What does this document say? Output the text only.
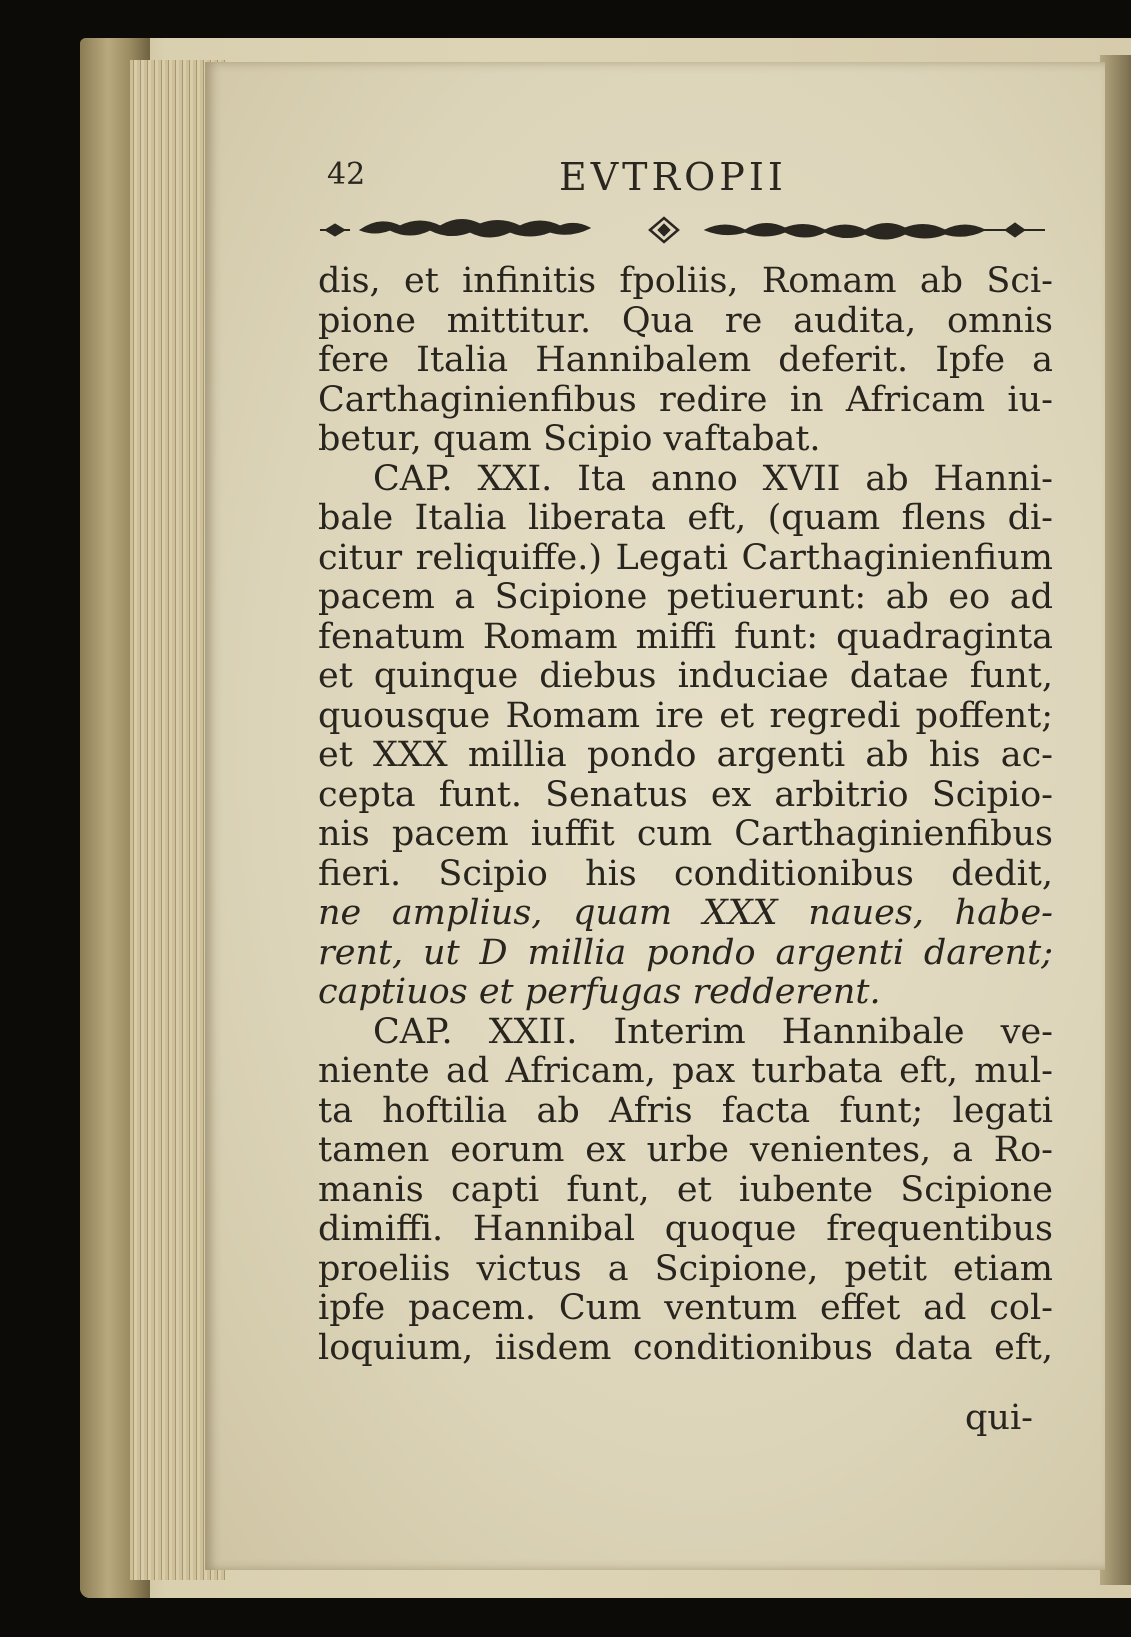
42	EVTROPII
dis, et infinitis fpoliis, Romam ab Sci-
pione mittitur. Qua re audita, omnis
fere Italia Hannibalem deferit. Ipfe a
Carthaginienfibus redire in Africam iu-
betur, quam Scipio vaftabat.
CAP. XXI. Ita anno XVII ab Hanni-
bale Italia liberata eft, (quam flens di-
citur reliquiffe.) Legati Carthaginienfium
pacem a Scipione petiuerunt: ab eo ad
fenatum Romam miffi funt: quadraginta
et quinque diebus induciae datae funt,
quousque Romam ire et regredi poffent;
et XXX millia pondo argenti ab his ac-
cepta funt. Senatus ex arbitrio Scipio-
nis pacem iuffit cum Carthaginienfibus
fieri. Scipio his conditionibus dedit,
ne amplius, quam XXX naues, habe-
rent, ut D millia pondo argenti darent;
captiuos et perfugas redderent.
CAP. XXII. Interim Hannibale ve-
niente ad Africam, pax turbata eft, mul-
ta hoftilia ab Afris facta funt; legati
tamen eorum ex urbe venientes, a Ro-
manis capti funt, et iubente Scipione
dimiffi. Hannibal quoque frequentibus
proeliis victus a Scipione, petit etiam
ipfe pacem. Cum ventum effet ad col-
loquium, iisdem conditionibus data eft,
qui-
